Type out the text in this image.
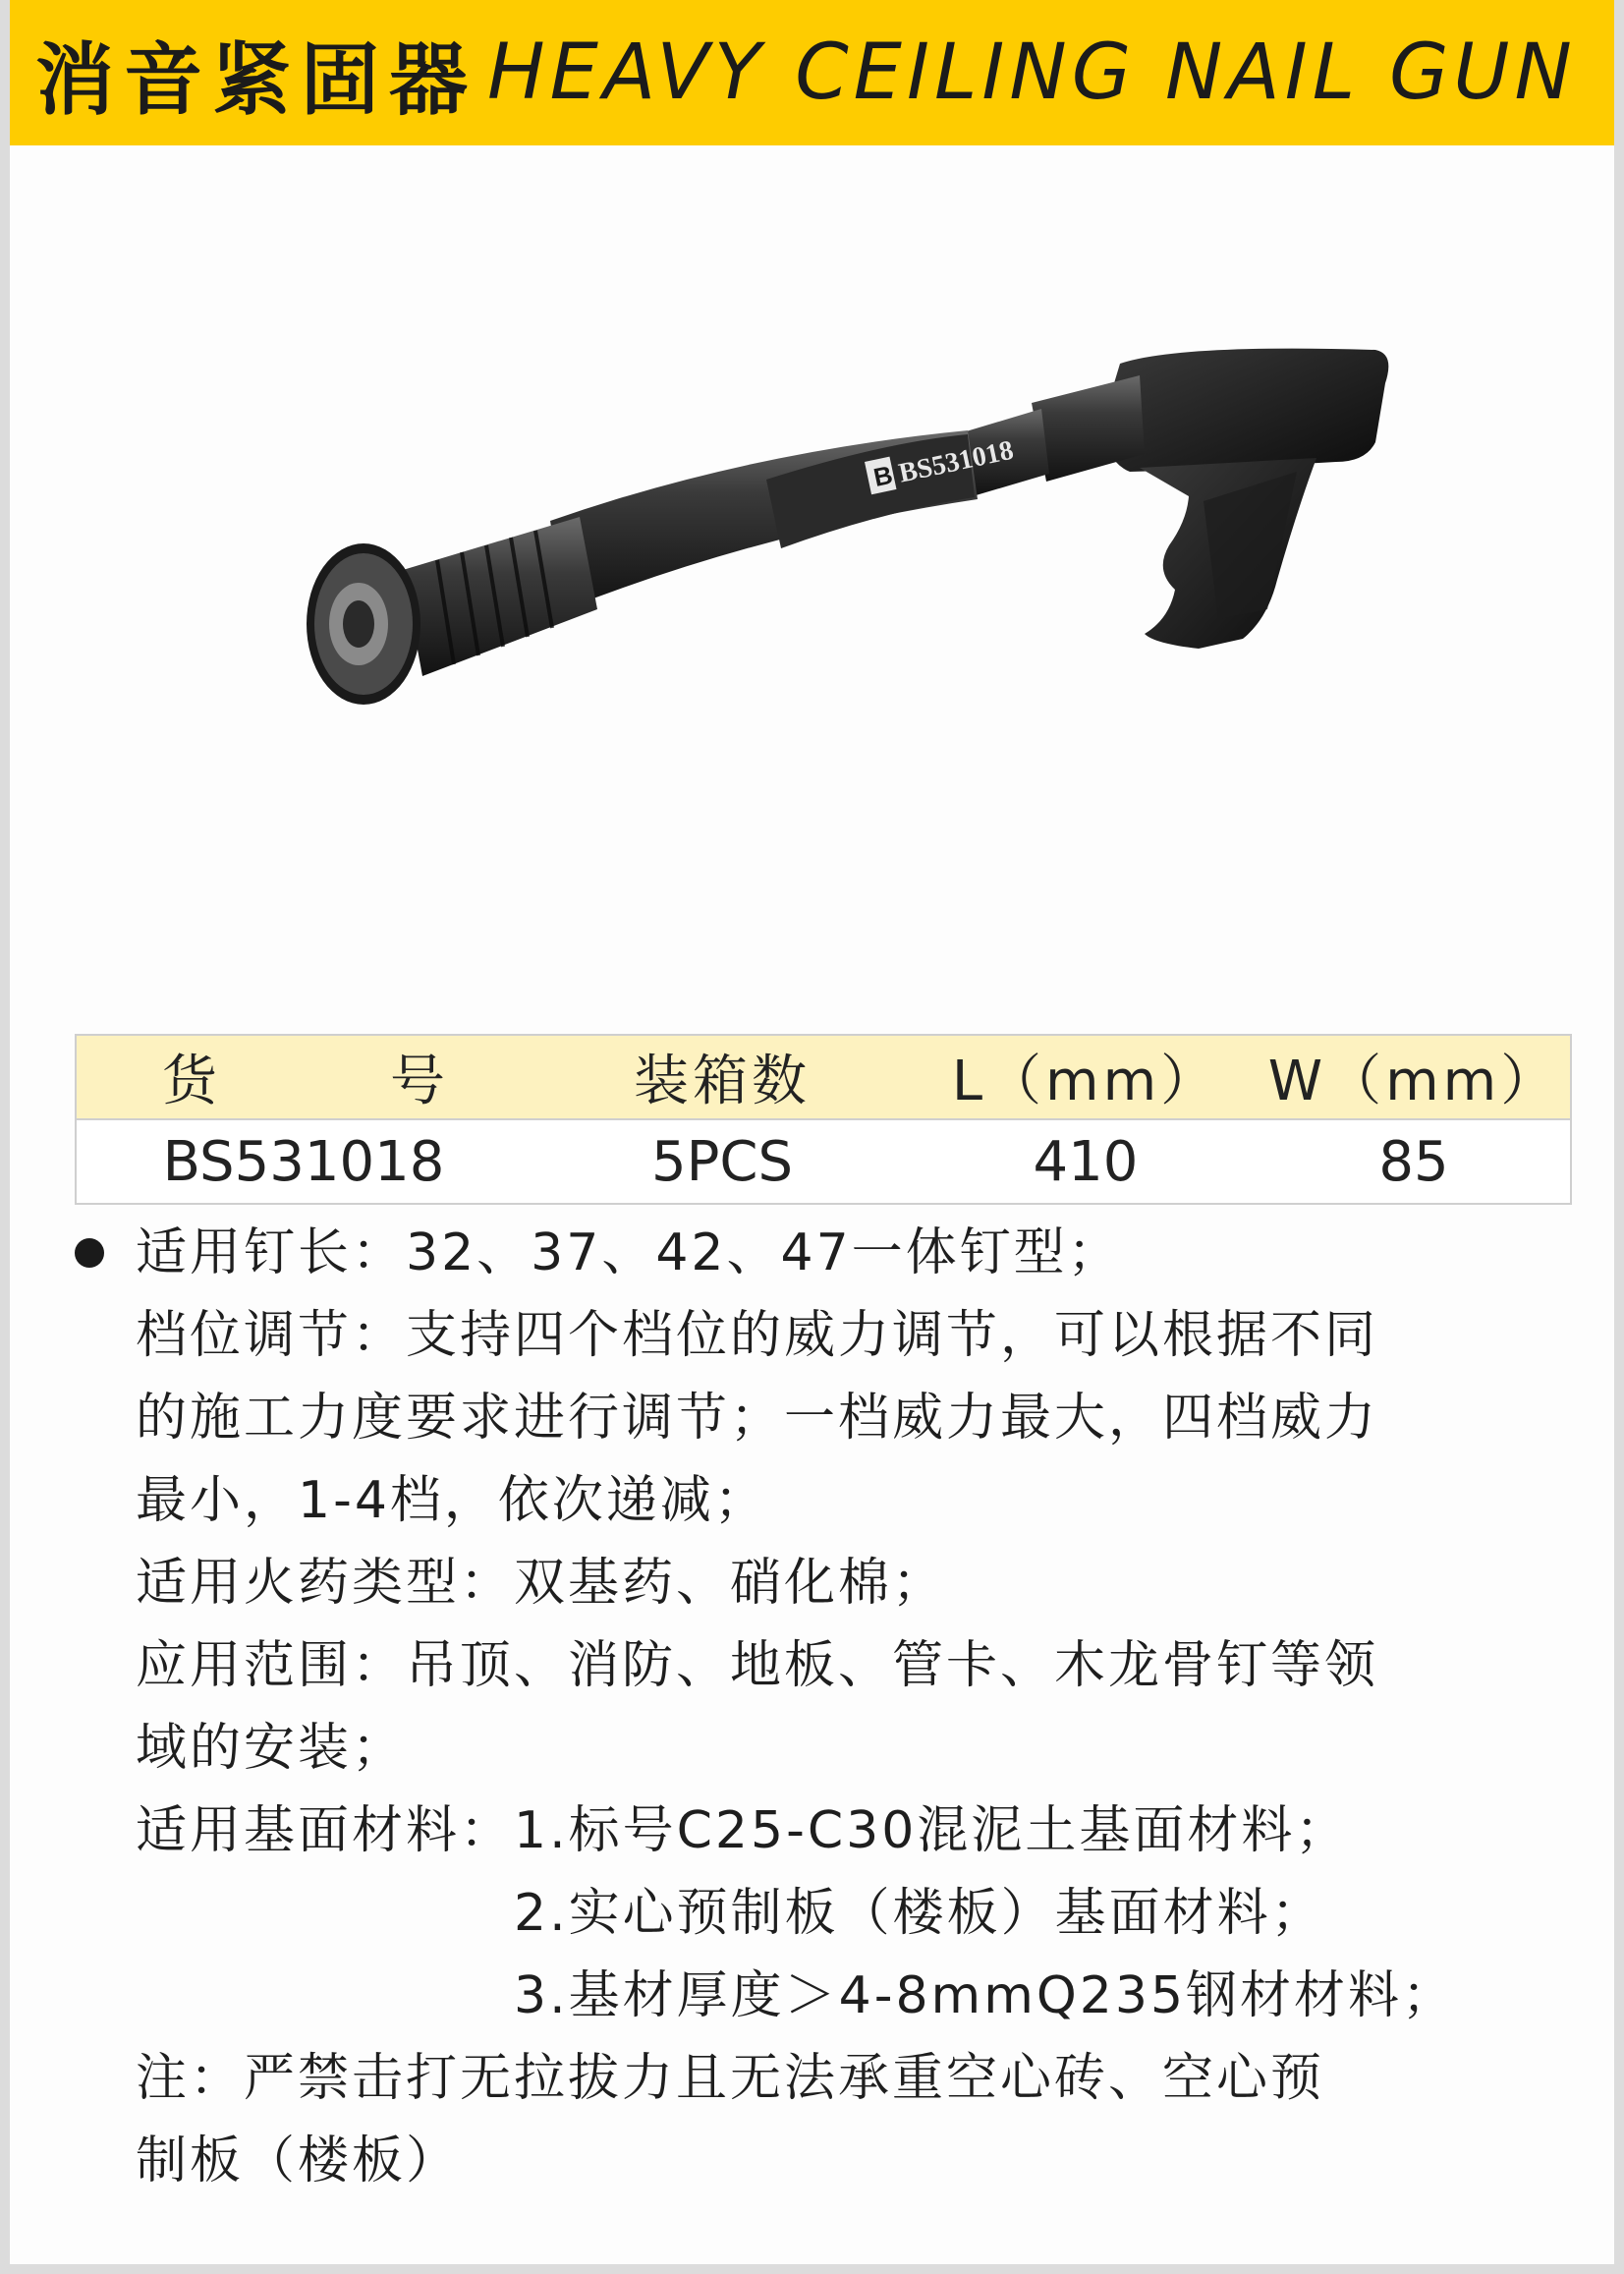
消音紧固器 HEAVY CEILING NAIL GUN
B BS531018
货　号	装箱数	L（mm） W（mm）
BS531018	5PCS	410	85
适用钉长：32、37、42、47一体钉型；
档位调节：支持四个档位的威力调节，可以根据不同
的施工力度要求进行调节；一档威力最大，四档威力
最小，1-4档，依次递减；
适用火药类型：双基药、硝化棉；
应用范围：吊顶、消防、地板、管卡、木龙骨钉等领
域的安装；
适用基面材料：1.标号C25-C30混泥土基面材料；
　　　　　　　2.实心预制板（楼板）基面材料；
　　　　　　　3.基材厚度＞4-8mmQ235钢材材料；
注：严禁击打无拉拔力且无法承重空心砖、空心预
制板（楼板）
